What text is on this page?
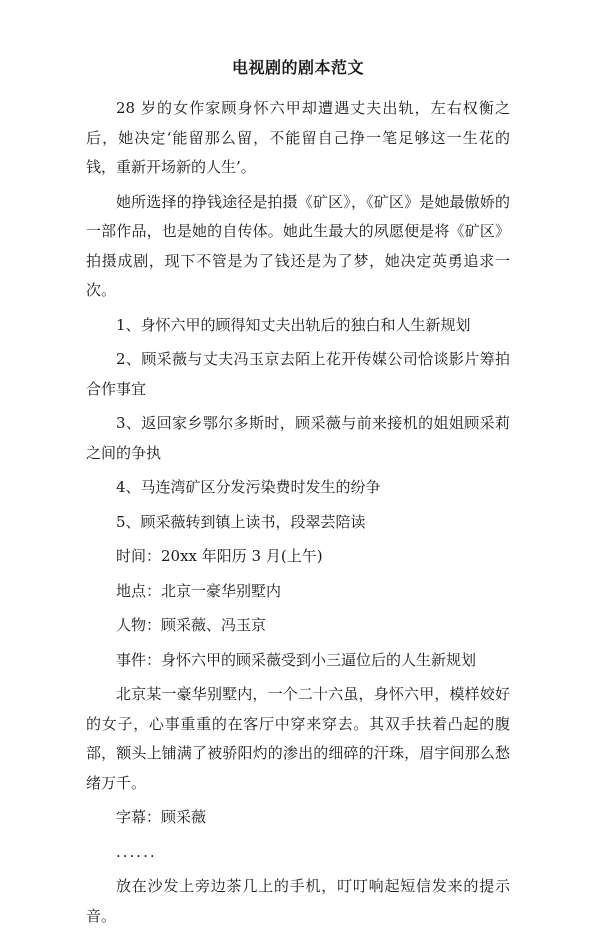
电视剧的剧本范文

28 岁的女作家顾身怀六甲却遭遇丈夫出轨，左右权衡之后，她决定‘能留那么留，不能留自己挣一笔足够这一生花的钱，重新开场新的人生’。

她所选择的挣钱途径是拍摄《矿区》，《矿区》是她最傲娇的一部作品，也是她的自传体。她此生最大的夙愿便是将《矿区》拍摄成剧，现下不管是为了钱还是为了梦，她决定英勇追求一次。

1、身怀六甲的顾得知丈夫出轨后的独白和人生新规划

2、顾采薇与丈夫冯玉京去陌上花开传媒公司恰谈影片筹拍合作事宜

3、返回家乡鄂尔多斯时，顾采薇与前来接机的姐姐顾采莉之间的争执

4、马连湾矿区分发污染费时发生的纷争

5、顾采薇转到镇上读书，段翠芸陪读

时间：20xx 年阳历 3 月(上午)

地点：北京一豪华别墅内

人物：顾采薇、冯玉京

事件：身怀六甲的顾采薇受到小三逼位后的人生新规划

北京某一豪华别墅内，一个二十六虽，身怀六甲，模样姣好的女子，心事重重的在客厅中穿来穿去。其双手扶着凸起的腹部，额头上铺满了被骄阳灼的渗出的细碎的汗珠，眉宇间那么愁绪万千。

字幕：顾采薇

......

放在沙发上旁边茶几上的手机，叮叮响起短信发来的提示音。
